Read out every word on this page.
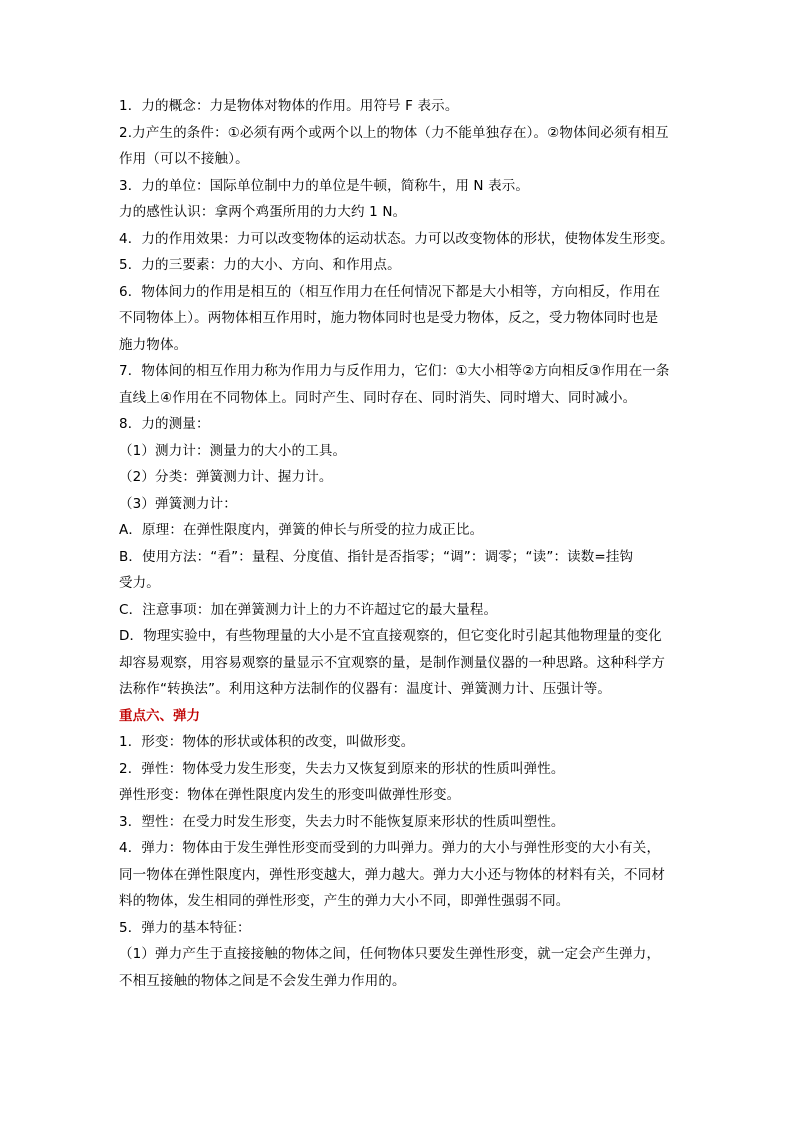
1．力的概念：力是物体对物体的作用。用符号 F 表示。
2.力产生的条件：①必须有两个或两个以上的物体（力不能单独存在）。②物体间必须有相互
作用（可以不接触）。
3．力的单位：国际单位制中力的单位是牛顿，简称牛，用 N 表示。
力的感性认识：拿两个鸡蛋所用的力大约 1 N。
4．力的作用效果：力可以改变物体的运动状态。力可以改变物体的形状，使物体发生形变。
5．力的三要素：力的大小、方向、和作用点。
6．物体间力的作用是相互的（相互作用力在任何情况下都是大小相等，方向相反，作用在
不同物体上）。两物体相互作用时，施力物体同时也是受力物体，反之，受力物体同时也是
施力物体。
7．物体间的相互作用力称为作用力与反作用力，它们：①大小相等②方向相反③作用在一条
直线上④作用在不同物体上。同时产生、同时存在、同时消失、同时增大、同时减小。
8．力的测量：
（1）测力计：测量力的大小的工具。
（2）分类：弹簧测力计、握力计。
（3）弹簧测力计：
A．原理：在弹性限度内，弹簧的伸长与所受的拉力成正比。
B．使用方法：“看”：量程、分度值、指针是否指零；“调”：调零；“读”：读数=挂钩
受力。
C．注意事项：加在弹簧测力计上的力不许超过它的最大量程。
D．物理实验中，有些物理量的大小是不宜直接观察的，但它变化时引起其他物理量的变化
却容易观察，用容易观察的量显示不宜观察的量，是制作测量仪器的一种思路。这种科学方
法称作“转换法”。利用这种方法制作的仪器有：温度计、弹簧测力计、压强计等。
重点六、弹力
1．形变：物体的形状或体积的改变，叫做形变。
2．弹性：物体受力发生形变，失去力又恢复到原来的形状的性质叫弹性。
弹性形变：物体在弹性限度内发生的形变叫做弹性形变。
3．塑性：在受力时发生形变，失去力时不能恢复原来形状的性质叫塑性。
4．弹力：物体由于发生弹性形变而受到的力叫弹力。弹力的大小与弹性形变的大小有关，
同一物体在弹性限度内，弹性形变越大，弹力越大。弹力大小还与物体的材料有关，不同材
料的物体，发生相同的弹性形变，产生的弹力大小不同，即弹性强弱不同。
5．弹力的基本特征：
（1）弹力产生于直接接触的物体之间，任何物体只要发生弹性形变，就一定会产生弹力，
不相互接触的物体之间是不会发生弹力作用的。
